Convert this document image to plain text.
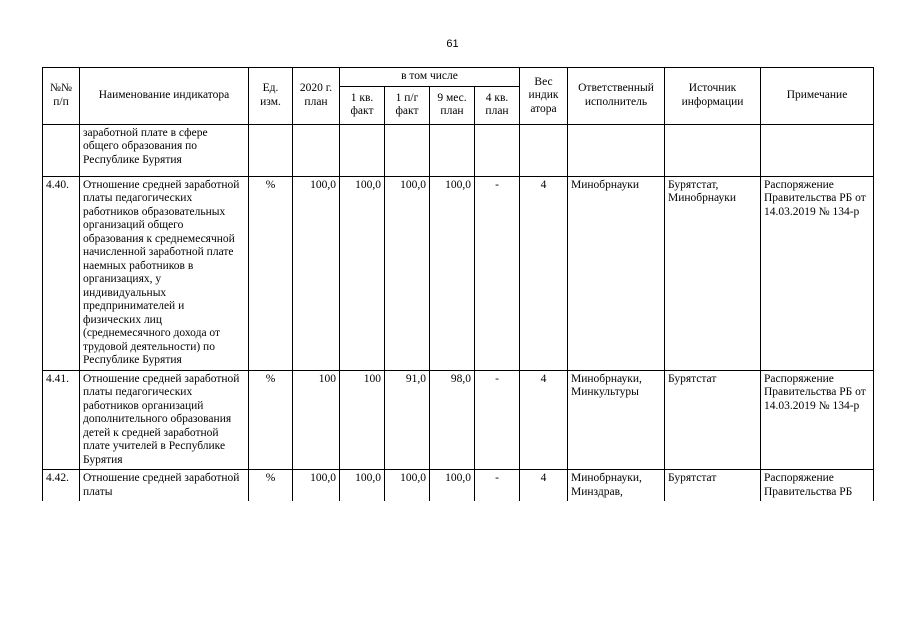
61
№№ п/п	Наименование индикатора	Ед. изм.	2020 г. план	в том числе				Вес индик атора	Ответственный исполнитель	Источник информации	Примечание
				1 кв. факт	1 п/г факт	9 мес. план	4 кв. план				
	заработной плате в сфере общего образования по Республике Бурятия										
4.40.	Отношение средней заработной платы педагогических работников образовательных организаций общего образования к среднемесячной начисленной заработной плате наемных работников в организациях, у индивидуальных предпринимателей и физических лиц (среднемесячного дохода от трудовой деятельности) по Республике Бурятия	%	100,0	100,0	100,0	100,0	-	4	Минобрнауки	Бурятстат, Минобрнауки	Распоряжение Правительства РБ от 14.03.2019 № 134-р
4.41.	Отношение средней заработной платы педагогических работников организаций дополнительного образования детей к средней заработной плате учителей в Республике Бурятия	%	100	100	91,0	98,0	-	4	Минобрнауки, Минкультуры	Бурятстат	Распоряжение Правительства РБ от 14.03.2019 № 134-р
4.42.	Отношение средней заработной платы	%	100,0	100,0	100,0	100,0	-	4	Минобрнауки, Минздрав,	Бурятстат	Распоряжение Правительства РБ
